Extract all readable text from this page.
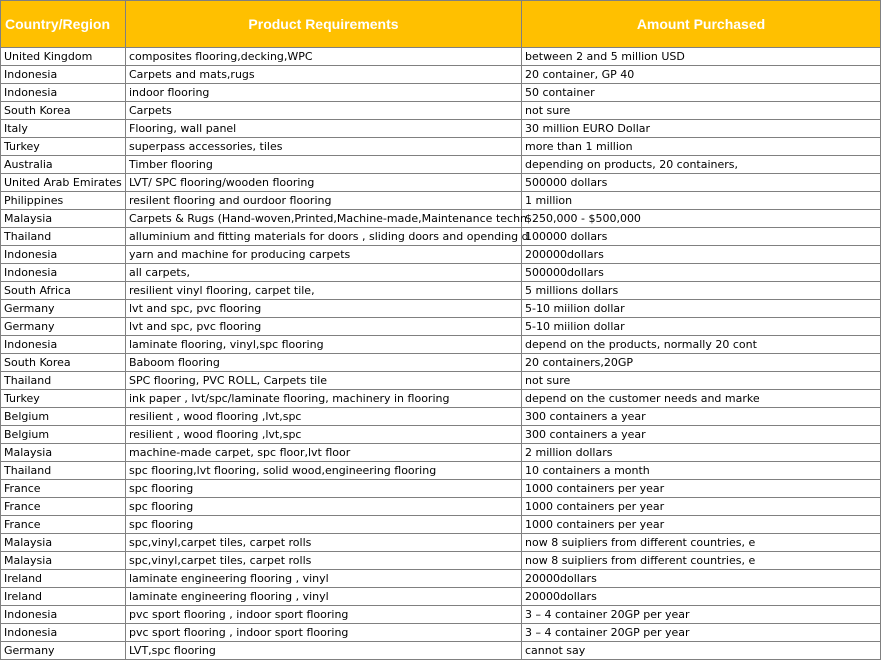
Country/Region	Product Requirements	Amount Purchased
United Kingdom	composites flooring,decking,WPC	between 2 and 5 million USD
Indonesia	Carpets and mats,rugs	20 container, GP 40
Indonesia	indoor flooring	50 container
South Korea	Carpets	not sure
Italy	Flooring, wall panel	30 million EURO Dollar
Turkey	superpass accessories, tiles	more than 1 million
Australia	Timber flooring	depending on products, 20 containers,
United Arab Emirates	LVT/ SPC flooring/wooden flooring	500000 dollars
Philippines	resilent flooring and ourdoor flooring	1 million
Malaysia	Carpets & Rugs (Hand-woven,Printed,Machine-made,Maintenance techn	$250,000 - $500,000
Thailand	alluminium and fitting materials for doors , sliding doors and opending d	100000 dollars
Indonesia	yarn and machine for producing carpets	200000dollars
Indonesia	all carpets,	500000dollars
South Africa	resilient vinyl flooring, carpet tile,	5 millions dollars
Germany	lvt and spc, pvc flooring	5-10 miilion dollar
Germany	lvt and spc, pvc flooring	5-10 miilion dollar
Indonesia	laminate flooring, vinyl,spc flooring	depend on the products, normally 20 cont
South Korea	Baboom flooring	20 containers,20GP
Thailand	SPC flooring, PVC ROLL, Carpets tile	not sure
Turkey	ink paper , lvt/spc/laminate flooring, machinery in flooring	depend on the customer needs and marke
Belgium	resilient , wood flooring ,lvt,spc	300 containers a year
Belgium	resilient , wood flooring ,lvt,spc	300 containers a year
Malaysia	machine-made carpet, spc floor,lvt floor	2 million dollars
Thailand	spc flooring,lvt flooring, solid wood,engineering flooring	10 containers a month
France	spc flooring	1000 containers per year
France	spc flooring	1000 containers per year
France	spc flooring	1000 containers per year
Malaysia	spc,vinyl,carpet tiles, carpet rolls	now 8 suipliers from different countries, e
Malaysia	spc,vinyl,carpet tiles, carpet rolls	now 8 suipliers from different countries, e
Ireland	laminate engineering flooring , vinyl	20000dollars
Ireland	laminate engineering flooring , vinyl	20000dollars
Indonesia	pvc sport flooring , indoor sport flooring	3 – 4 container 20GP per year
Indonesia	pvc sport flooring , indoor sport flooring	3 – 4 container 20GP per year
Germany	LVT,spc flooring	cannot say
